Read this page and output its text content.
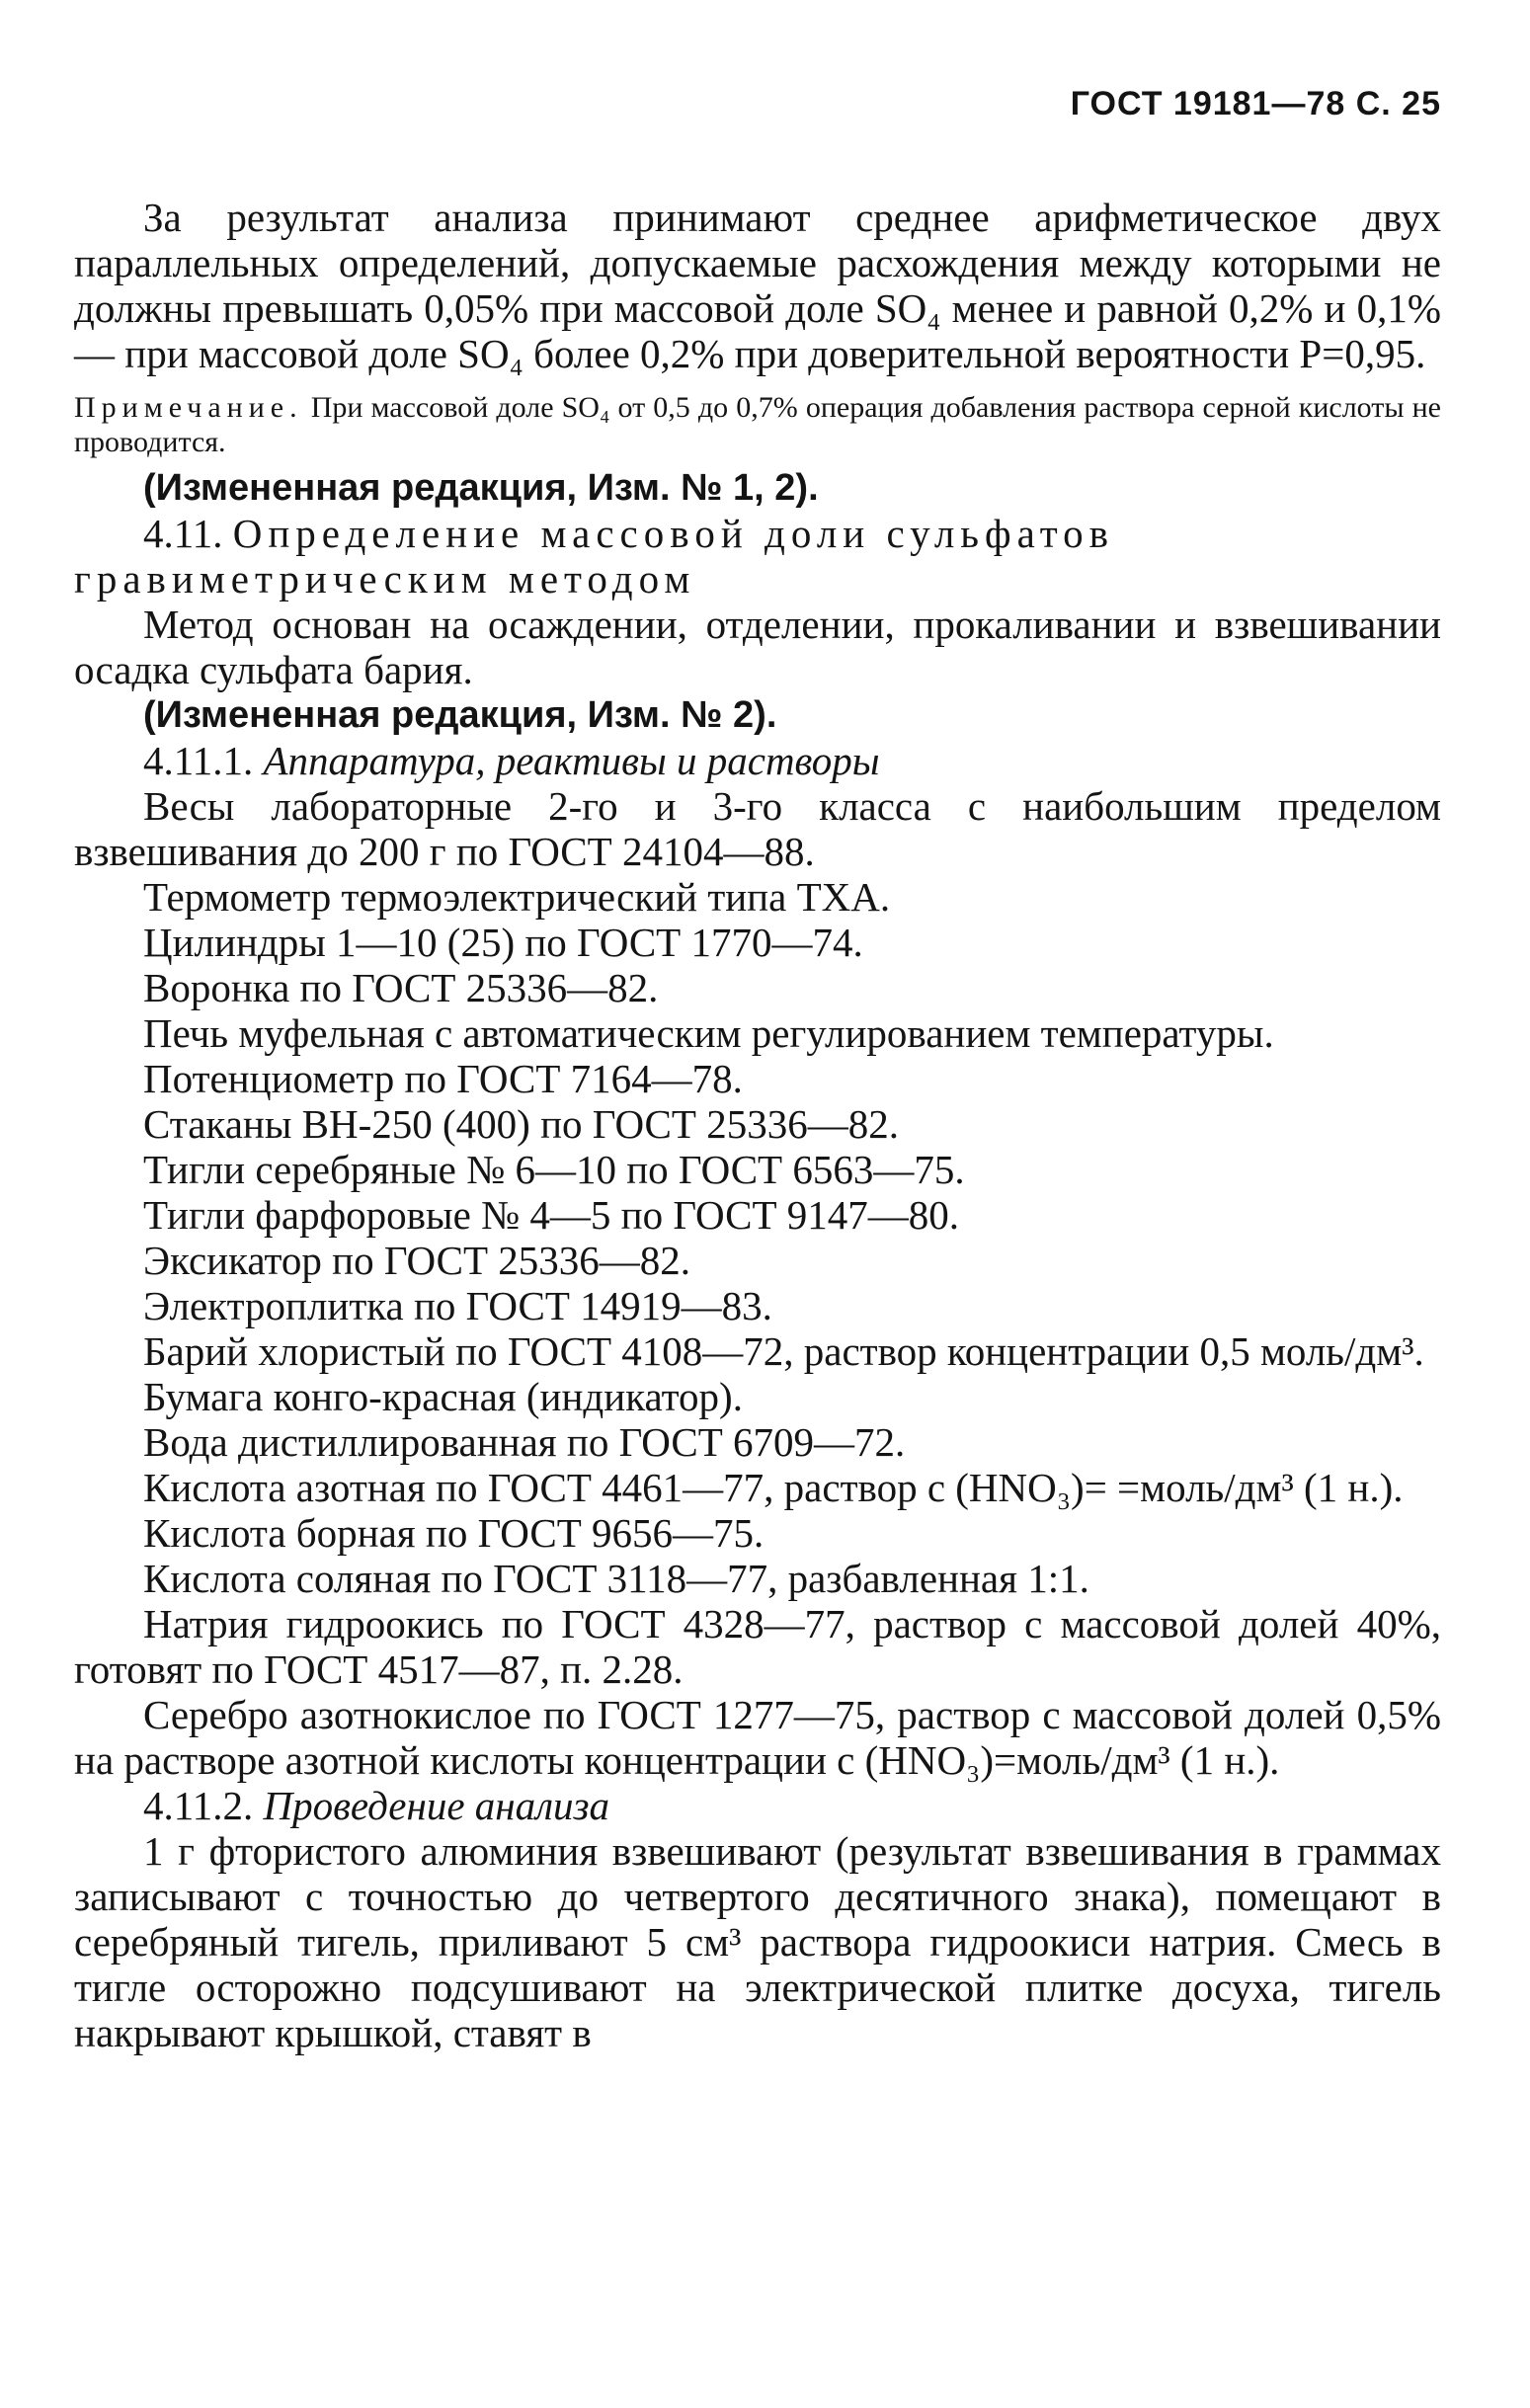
ГОСТ 19181—78 С. 25

За результат анализа принимают среднее арифметическое двух параллельных определений, допускаемые расхождения между которыми не должны превышать 0,05% при массовой доле SO₄ менее и равной 0,2% и 0,1% — при массовой доле SO₄ более 0,2% при доверительной вероятности P=0,95.

Примечание. При массовой доле SO₄ от 0,5 до 0,7% операция добавления раствора серной кислоты не проводится.

(Измененная редакция, Изм. № 1, 2).

4.11. Определение массовой доли сульфатов

гравиметрическим методом

Метод основан на осаждении, отделении, прокаливании и взвешивании осадка сульфата бария.

(Измененная редакция, Изм. № 2).

4.11.1. Аппаратура, реактивы и растворы

Весы лабораторные 2-го и 3-го класса с наибольшим пределом взвешивания до 200 г по ГОСТ 24104—88.

Термометр термоэлектрический типа ТХА.

Цилиндры 1—10 (25) по ГОСТ 1770—74.

Воронка по ГОСТ 25336—82.

Печь муфельная с автоматическим регулированием температуры.

Потенциометр по ГОСТ 7164—78.

Стаканы ВН-250 (400) по ГОСТ 25336—82.

Тигли серебряные № 6—10 по ГОСТ 6563—75.

Тигли фарфоровые № 4—5 по ГОСТ 9147—80.

Эксикатор по ГОСТ 25336—82.

Электроплитка по ГОСТ 14919—83.

Барий хлористый по ГОСТ 4108—72, раствор концентрации 0,5 моль/дм³.

Бумага конго-красная (индикатор).

Вода дистиллированная по ГОСТ 6709—72.

Кислота азотная по ГОСТ 4461—77, раствор c (HNO₃)= =моль/дм³ (1 н.).

Кислота борная по ГОСТ 9656—75.

Кислота соляная по ГОСТ 3118—77, разбавленная 1:1.

Натрия гидроокись по ГОСТ 4328—77, раствор с массовой долей 40%, готовят по ГОСТ 4517—87, п. 2.28.

Серебро азотнокислое по ГОСТ 1277—75, раствор с массовой долей 0,5% на растворе азотной кислоты концентрации c (HNO₃)=моль/дм³ (1 н.).

4.11.2. Проведение анализа

1 г фтористого алюминия взвешивают (результат взвешивания в граммах записывают с точностью до четвертого десятичного знака), помещают в серебряный тигель, приливают 5 см³ раствора гидроокиси натрия. Смесь в тигле осторожно подсушивают на электрической плитке досуха, тигель накрывают крышкой, ставят в
